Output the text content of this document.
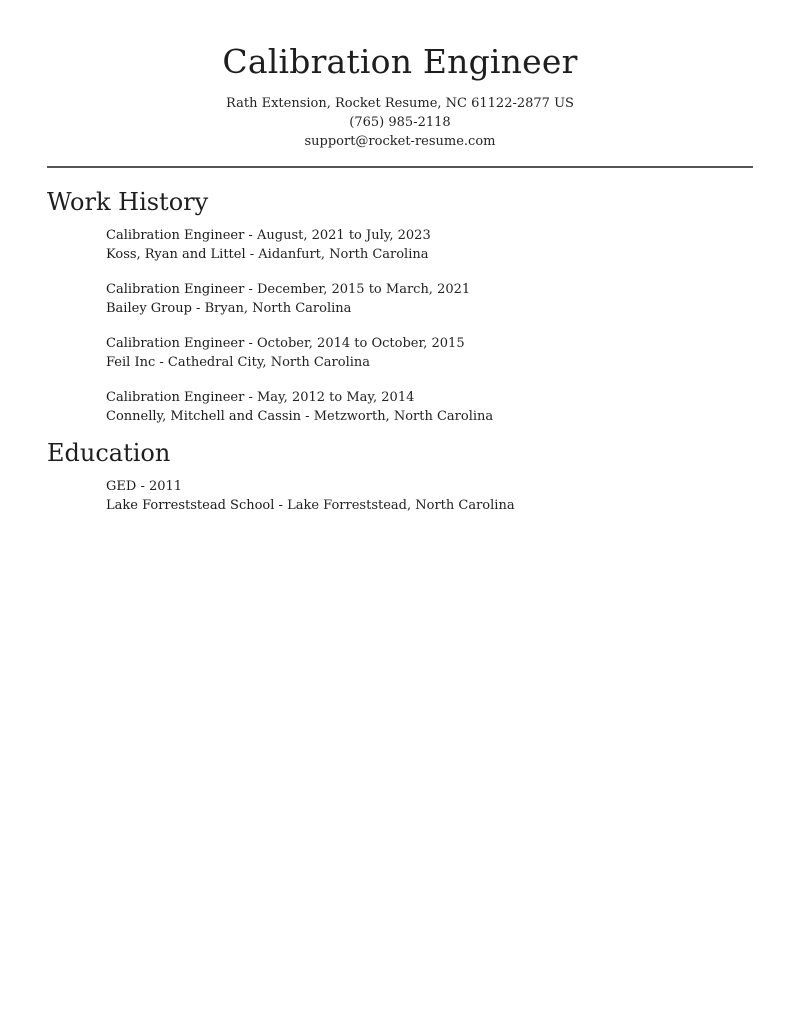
Calibration Engineer
Rath Extension, Rocket Resume, NC 61122-2877 US
(765) 985-2118
support@rocket-resume.com
Work History
Calibration Engineer - August, 2021 to July, 2023
Koss, Ryan and Littel - Aidanfurt, North Carolina
Calibration Engineer - December, 2015 to March, 2021
Bailey Group - Bryan, North Carolina
Calibration Engineer - October, 2014 to October, 2015
Feil Inc - Cathedral City, North Carolina
Calibration Engineer - May, 2012 to May, 2014
Connelly, Mitchell and Cassin - Metzworth, North Carolina
Education
GED - 2011
Lake Forreststead School - Lake Forreststead, North Carolina
